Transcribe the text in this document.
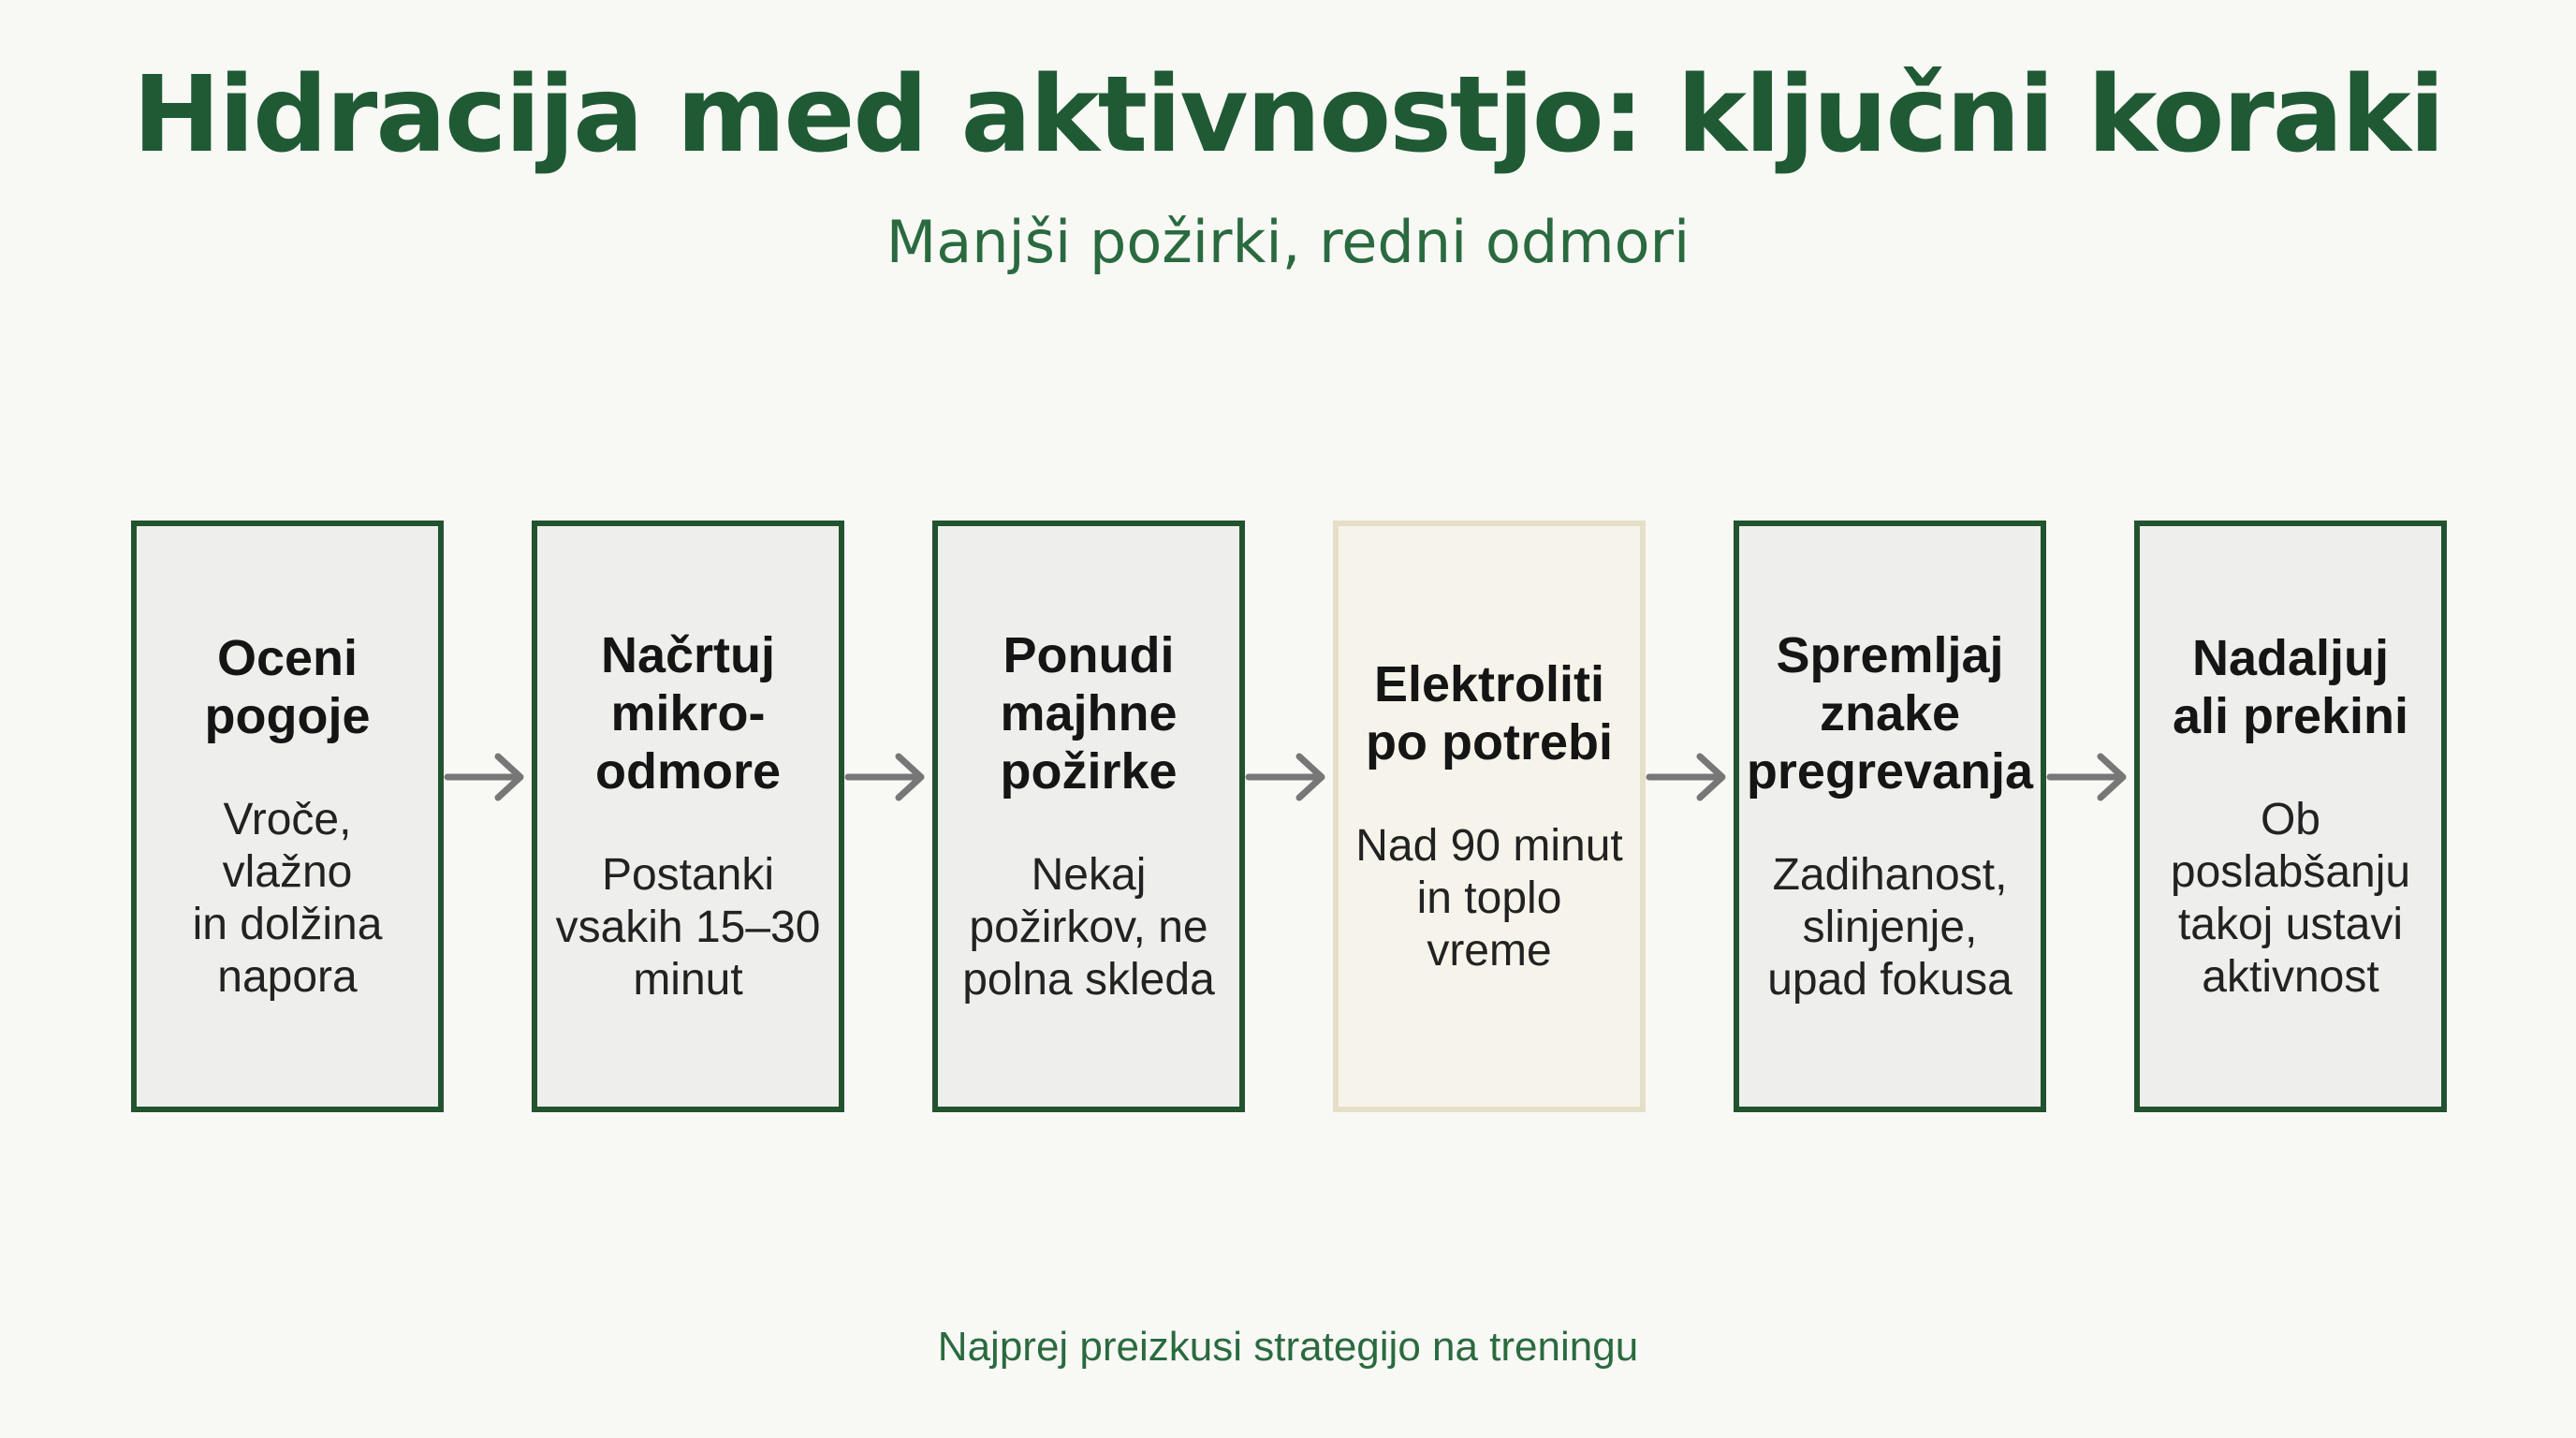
Hidracija med aktivnostjo: ključni koraki
Manjši požirki, redni odmori
Oceni
pogoje
Vroče, vlažno
in dolžina
napora
Načrtuj
mikro-
odmore
Postanki
vsakih 15–30
minut
Ponudi
majhne
požirke
Nekaj
požirkov, ne
polna skleda
Elektroliti
po potrebi
Nad 90 minut
in toplo vreme
Spremljaj
znake
pregrevanja
Zadihanost,
slinjenje,
upad fokusa
Nadaljuj
ali prekini
Ob
poslabšanju
takoj ustavi
aktivnost
Najprej preizkusi strategijo na treningu
